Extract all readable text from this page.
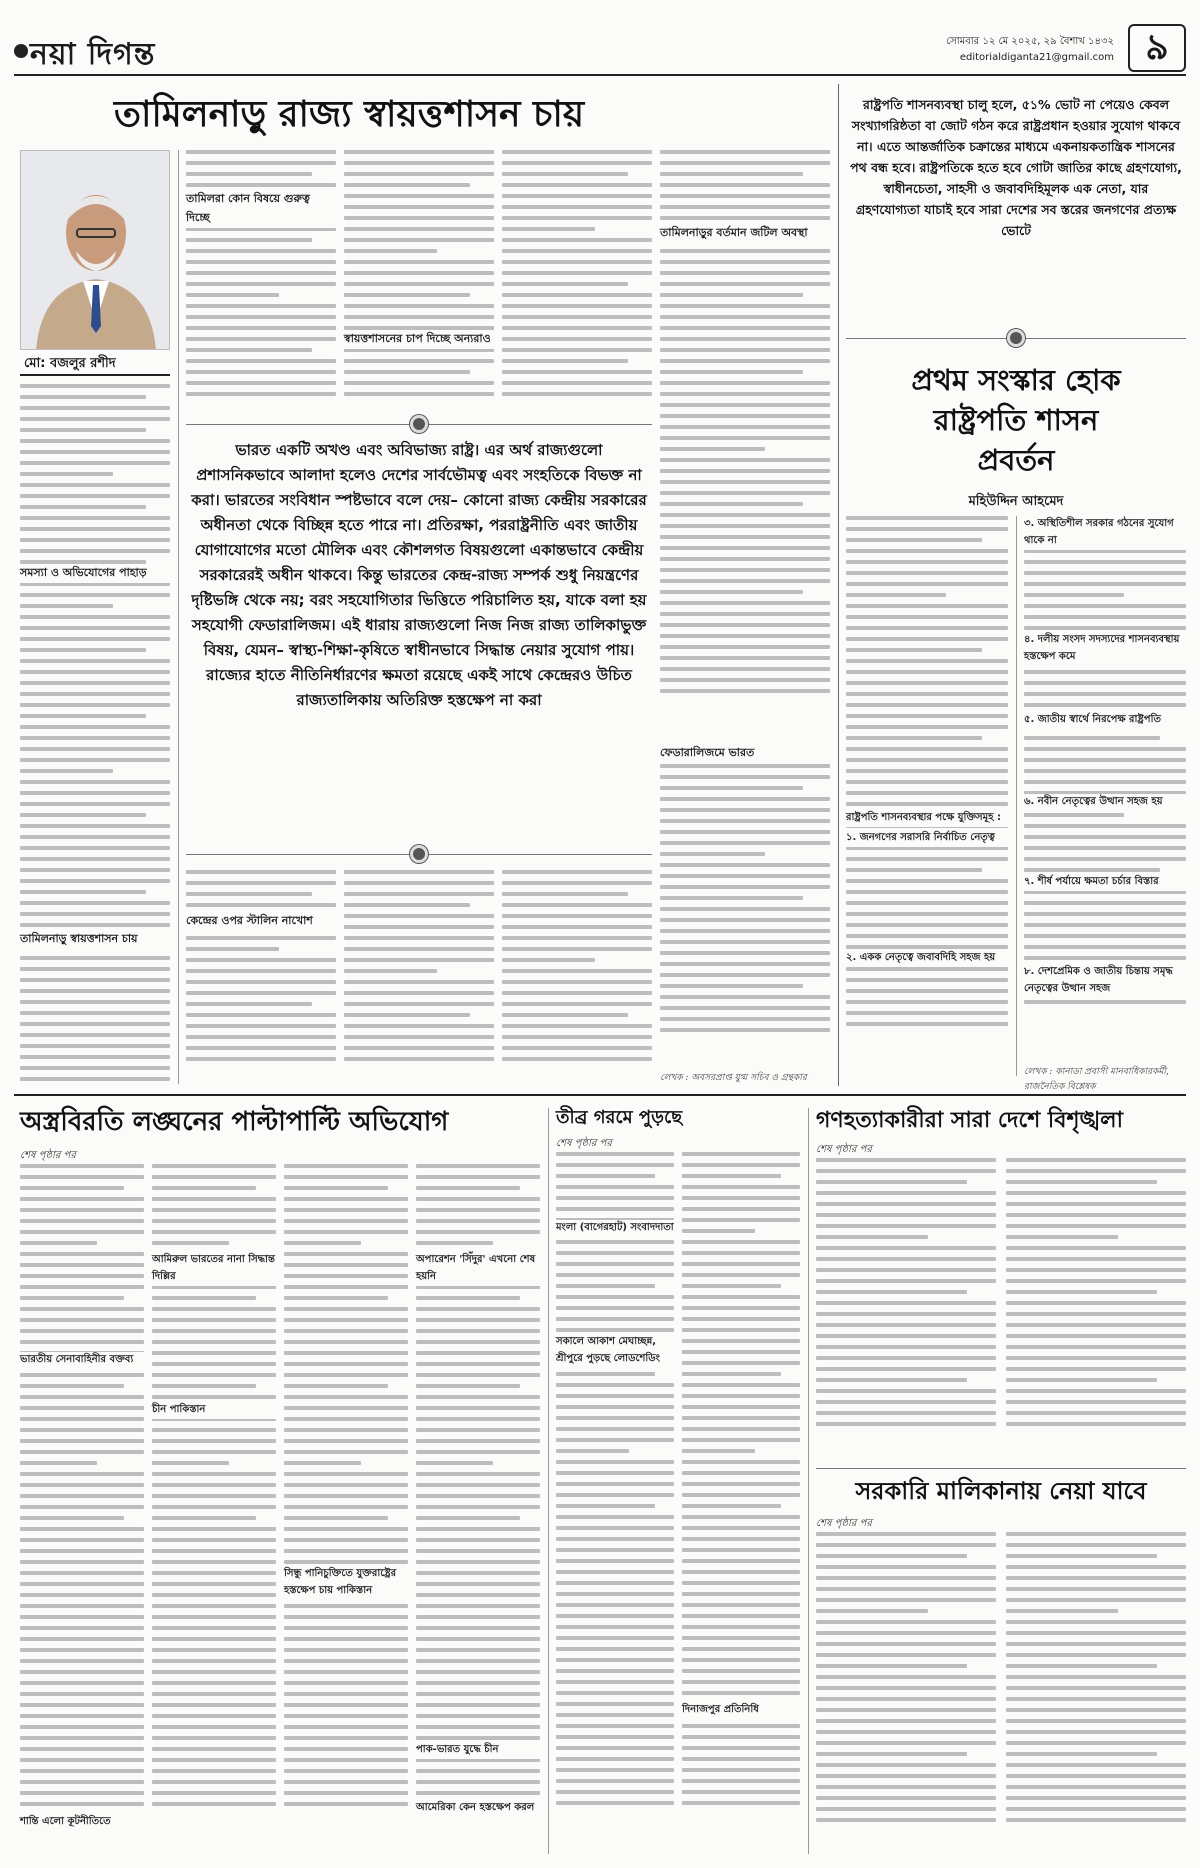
নয়া দিগন্ত	সোমবার ১২ মে ২০২৫, ২৯ বৈশাখ ১৪৩২
editorialdiganta21@gmail.com ৯
তামিলনাড়ু রাজ্য স্বায়ত্তশাসন চায়
মো: বজলুর রশীদ
সমস্যা ও অভিযোগের পাহাড়
তামিলনাড়ু স্বায়ত্তশাসন চায়
তামিলরা কোন বিষয়ে গুরুত্ব দিচ্ছে
স্বায়ত্তশাসনের চাপ দিচ্ছে অন্যরাও
তামিলনাড়ুর বর্তমান জটিল অবস্থা
ফেডারালিজমে ভারত
ভারত একটি অখণ্ড এবং অবিভাজ্য রাষ্ট্র। এর অর্থ রাজ্যগুলো প্রশাসনিকভাবে আলাদা হলেও দেশের সার্বভৌমত্ব এবং সংহতিকে বিভক্ত না করা। ভারতের সংবিধান স্পষ্টভাবে বলে দেয়– কোনো রাজ্য কেন্দ্রীয় সরকারের অধীনতা থেকে বিচ্ছিন্ন হতে পারে না। প্রতিরক্ষা, পররাষ্ট্রনীতি এবং জাতীয় যোগাযোগের মতো মৌলিক এবং কৌশলগত বিষয়গুলো একান্তভাবে কেন্দ্রীয় সরকারেরই অধীন থাকবে। কিন্তু ভারতের কেন্দ্র-রাজ্য সম্পর্ক শুধু নিয়ন্ত্রণের দৃষ্টিভঙ্গি থেকে নয়; বরং সহযোগিতার ভিত্তিতে পরিচালিত হয়, যাকে বলা হয় সহযোগী ফেডারালিজম। এই ধারায় রাজ্যগুলো নিজ নিজ রাজ্য তালিকাভুক্ত বিষয়, যেমন– স্বাস্থ্য-শিক্ষা-কৃষিতে স্বাধীনভাবে সিদ্ধান্ত নেয়ার সুযোগ পায়। রাজ্যের হাতে নীতিনির্ধারণের ক্ষমতা রয়েছে একই সাথে কেন্দ্রেরও উচিত রাজ্যতালিকায় অতিরিক্ত হস্তক্ষেপ না করা
কেন্দ্রের ওপর স্টালিন নাখোশ
লেখক : অবসরপ্রাপ্ত যুগ্ম সচিব ও গ্রন্থকার
রাষ্ট্রপতি শাসনব্যবস্থা চালু হলে, ৫১% ভোট না পেয়েও কেবল সংখ্যাগরিষ্ঠতা বা জোট গঠন করে রাষ্ট্রপ্রধান হওয়ার সুযোগ থাকবে না। এতে আন্তর্জাতিক চক্রান্তের মাধ্যমে একনায়কতান্ত্রিক শাসনের পথ বন্ধ হবে। রাষ্ট্রপতিকে হতে হবে গোটা জাতির কাছে গ্রহণযোগ্য, স্বাধীনচেতা, সাহসী ও জবাবদিহিমূলক এক নেতা, যার গ্রহণযোগ্যতা যাচাই হবে সারা দেশের সব স্তরের জনগণের প্রত্যক্ষ ভোটে
প্রথম সংস্কার হোক
রাষ্ট্রপতি শাসন
প্রবর্তন
মহিউদ্দিন আহমেদ
রাষ্ট্রপতি শাসনব্যবস্থার পক্ষে যুক্তিসমূহ :
১. জনগণের সরাসরি নির্বাচিত নেতৃত্ব
২. একক নেতৃত্বে জবাবদিহি সহজ হয়
৩. অস্থিতিশীল সরকার গঠনের সুযোগ থাকে না
৪. দলীয় সংসদ সদস্যদের শাসনব্যবস্থায় হস্তক্ষেপ কমে
৫. জাতীয় স্বার্থে নিরপেক্ষ রাষ্ট্রপতি
৬. নবীন নেতৃত্বের উত্থান সহজ হয়
৭. শীর্ষ পর্যায়ে ক্ষমতা চর্চার বিস্তার
৮. দেশপ্রেমিক ও জাতীয় চিন্তায় সমৃদ্ধ নেতৃত্বের উত্থান সহজ
লেখক : কানাডা প্রবাসী মানবাধিকারকর্মী, রাজনৈতিক বিশ্লেষক
অস্ত্রবিরতি লঙ্ঘনের পাল্টাপাল্টি অভিযোগ
শেষ পৃষ্ঠার পর
ভারতীয় সেনাবাহিনীর বক্তব্য
শান্তি এলো কূটনীতিতে
আমিরুল ভারতের নানা সিদ্ধান্ত দিল্লির
চীন পাকিস্তান
সিন্ধু পানিচুক্তিতে যুক্তরাষ্ট্রের হস্তক্ষেপ চায় পাকিস্তান
অপারেশন 'সিঁদুর' এখনো শেষ হয়নি
পাক-ভারত যুদ্ধে চীন
আমেরিকা কেন হস্তক্ষেপ করল
তীব্র গরমে পুড়ছে
শেষ পৃষ্ঠার পর
মংলা (বাগেরহাট) সংবাদদাতা
সকালে আকাশ মেঘাচ্ছন্ন, শ্রীপুরে পুড়ছে লোডশেডিং
দিনাজপুর প্রতিনিধি
গণহত্যাকারীরা সারা দেশে বিশৃঙ্খলা
শেষ পৃষ্ঠার পর
সরকারি মালিকানায় নেয়া যাবে
শেষ পৃষ্ঠার পর
